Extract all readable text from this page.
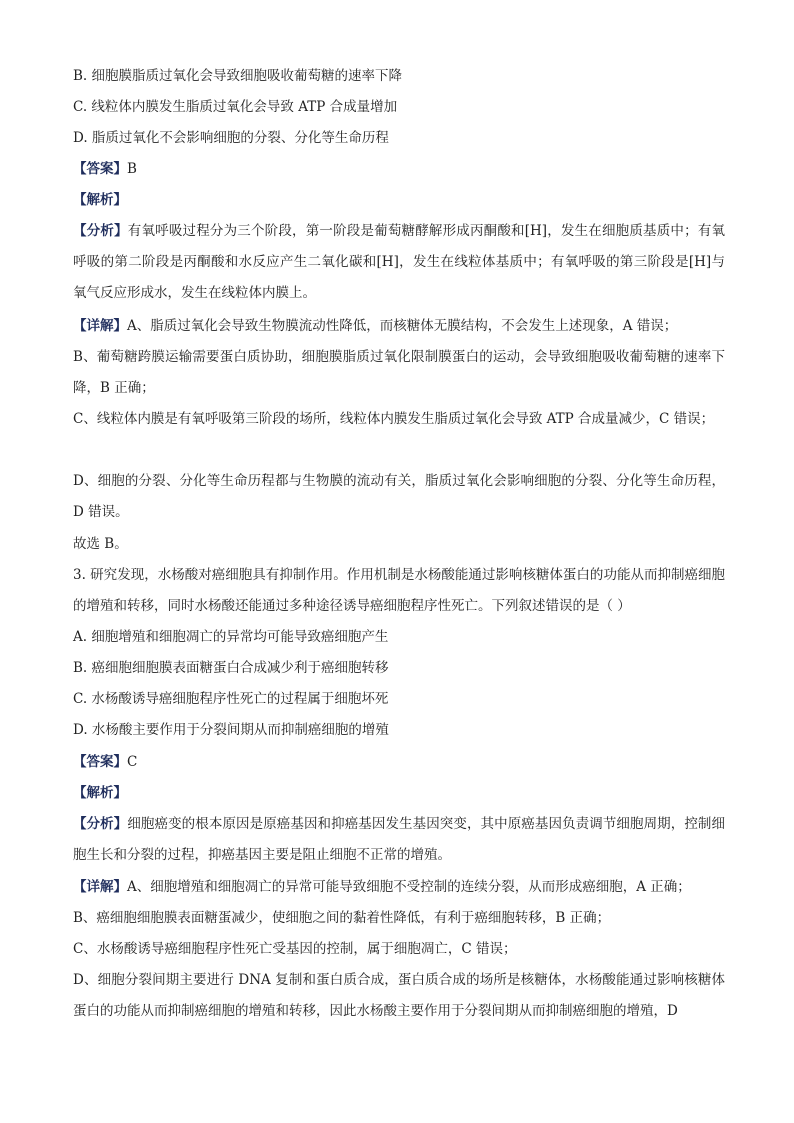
B. 细胞膜脂质过氧化会导致细胞吸收葡萄糖的速率下降
C. 线粒体内膜发生脂质过氧化会导致 ATP 合成量增加
D. 脂质过氧化不会影响细胞的分裂、分化等生命历程
【答案】B
【解析】
【分析】有氧呼吸过程分为三个阶段，第一阶段是葡萄糖酵解形成丙酮酸和[H]，发生在细胞质基质中；有氧呼吸的第二阶段是丙酮酸和水反应产生二氧化碳和[H]，发生在线粒体基质中；有氧呼吸的第三阶段是[H]与氧气反应形成水，发生在线粒体内膜上。
【详解】A、脂质过氧化会导致生物膜流动性降低，而核糖体无膜结构，不会发生上述现象，A 错误；
B、葡萄糖跨膜运输需要蛋白质协助，细胞膜脂质过氧化限制膜蛋白的运动，会导致细胞吸收葡萄糖的速率下降，B 正确；
C、线粒体内膜是有氧呼吸第三阶段的场所，线粒体内膜发生脂质过氧化会导致 ATP 合成量减少，C 错误；
D、细胞的分裂、分化等生命历程都与生物膜的流动有关，脂质过氧化会影响细胞的分裂、分化等生命历程，D 错误。
故选 B。
3. 研究发现，水杨酸对癌细胞具有抑制作用。作用机制是水杨酸能通过影响核糖体蛋白的功能从而抑制癌细胞的增殖和转移，同时水杨酸还能通过多种途径诱导癌细胞程序性死亡。下列叙述错误的是（ ）
A. 细胞增殖和细胞凋亡的异常均可能导致癌细胞产生
B. 癌细胞细胞膜表面糖蛋白合成减少利于癌细胞转移
C. 水杨酸诱导癌细胞程序性死亡的过程属于细胞坏死
D. 水杨酸主要作用于分裂间期从而抑制癌细胞的增殖
【答案】C
【解析】
【分析】细胞癌变的根本原因是原癌基因和抑癌基因发生基因突变，其中原癌基因负责调节细胞周期，控制细胞生长和分裂的过程，抑癌基因主要是阻止细胞不正常的增殖。
【详解】A、细胞增殖和细胞凋亡的异常可能导致细胞不受控制的连续分裂，从而形成癌细胞，A 正确；
B、癌细胞细胞膜表面糖蛋减少，使细胞之间的黏着性降低，有利于癌细胞转移，B 正确；
C、水杨酸诱导癌细胞程序性死亡受基因的控制，属于细胞凋亡，C 错误；
D、细胞分裂间期主要进行 DNA 复制和蛋白质合成，蛋白质合成的场所是核糖体，水杨酸能通过影响核糖体蛋白的功能从而抑制癌细胞的增殖和转移，因此水杨酸主要作用于分裂间期从而抑制癌细胞的增殖，D
